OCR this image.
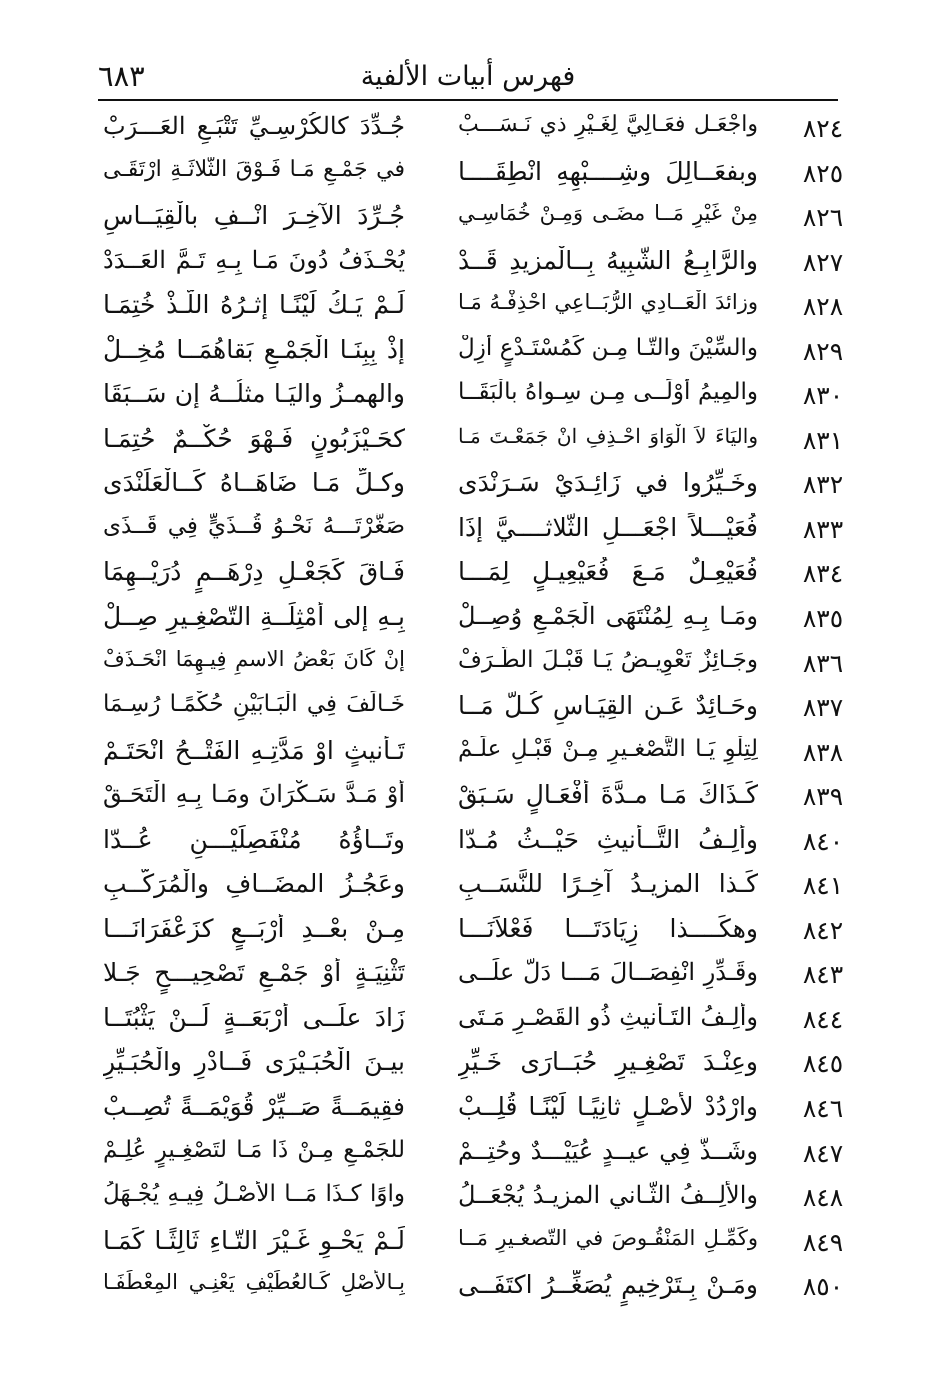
فهرس أبيات الألفية
٦٨٣
٨٢٤
واجْعَـل فعَـالِيَّ لِغَـيْرِ ذي نَـسَـــبْ
جُـدِّدَ كالكُرْسِـيِّ تَتْبَـعِ العَـــرَبْ
٨٢٥
وبفعَــالِلَ وشِــــبْهِهِ انْطِقَــــا
في جَمْـعِ مَـا فَـوْقَ الثّلاثَـةِ ارْتَقَـى
٨٢٦
مِنْ غَيْرِ مَــا مضَـى وَمِـنْ خُمَاسِـي
جُـرِّدَ الآخِـرَ انْــفِ بالْقِيَــاسِ
٨٢٧
والرَّابِـعُ الشّبِيهُ بِــالْمزيدِ قَــدْ
يُحْـذَفُ دُونَ مَـا بِـهِ تَـمَّ العَــدَدْ
٨٢٨
وزائدَ الْعَــادِي الرُّبَــاعِي احْذِفْـهُ مَـا
لَـمْ يَـكُ لَيْنًـا إثـرُهُ اللَّـذْ خُتِمَـا
٨٢٩
والسِّيْنَ والتّـا مِـن كَمُسْتَـدْعٍ أَزِلْ
إذْ بِبِنَـا الْجَمْـعِ بَقاهُمَــا مُخِــلْ
٨٣٠
والمِيمُ أَوْلَــى مِـن سِـواهُ بالْبَقَــا
والهمـزُ واليَـا مثلُــهُ إن سَــبَقَا
٨٣١
واليَاءَ لاَ الْوَاوَ احْـذِفِ انْ جَمَعْـتَ مَـا
كحَـيْزَبُونٍ فَـهْوَ حُكْــمٌ حُتِمَـا
٨٣٢
وخَـيِّرُوا في زَائِـدَيْ سَـرَنْدَى
وكـلِّ مَـا ضَاهَــاهُ كَــالْعَلَنْدَى
٨٣٣
فُعَيْـــلاً اجْعَـــلِ الثُّلاثــــيَّ إذَا
صَغَّرْتَـــهُ نَحْـوُ قُــذَيٍّ فِي قَــذَى
٨٣٤
فُعَيْعِـلٌ مَـعَ فُعَيْعِيـلٍ لِمَـــا
فَـاقَ كَجَعْـلِ دِرْهَــمٍ دُرَيْــهِمَا
٨٣٥
ومَـا بِـهِ لِمُنْتَهَى الْجَمْـعِ وُصِــلْ
بِـهِ إلى أمْثِلَــةِ التّصْغِـيرِ صِــلْ
٨٣٦
وجَـائِزٌ تَعْوِيـضُ يَـا قَبْـلَ الطّـرَفْ
إنْ كَانَ بَعْضُ الاسمِ فِيـهِمَا انْحَـذَفْ
٨٣٧
وحَـائِدٌ عَـن القِيَـاسِ كُـلُّ مَــا
خَـالَفَ فِي الْبَـابَيْنِ حُكْمًـا رُسِـمَا
٨٣٨
لِتِلْوِ يَـا التَّصْغـيرِ مِـنْ قَبْـلِ علَـمْ
تَـأنيثٍ اوْ مَدَّتِـهِ الفَتْــحُ انْحَتَـمْ
٨٣٩
كَـذَاكَ مَـا مـدَّةَ أَفْعَـالٍ سَـبَقْ
أوْ مَـدَّ سَـكْرَانَ ومَـا بِـهِ الْتَحَـقْ
٨٤٠
وأَلِـفُ التَّــأنيثِ حَيْــثُ مُـدّا
وتَــاؤُهُ مُنْفَصِلَيْـــنِ عُــدّا
٨٤١
كَـذا المزيـدُ آخِـرًا للنَّسَــبِ
وعَجُـزُ المضَــافِ والْمُرَكَّــبِ
٨٤٢
وهكَــــذا زِيَادَتَـــا فَعْلاَنَـــا
مِـنْ بعْــدِ أَرْبَــعٍ كزَعْفَرَانَـــا
٨٤٣
وقَـدِّرِ انْفِصَــالَ مَـــا دَلَّ علَــى
تَثْنِيَـةٍ أوْ جَمْـعِ تَصْحِيـــحٍ جَـلا
٨٤٤
وأَلِـفُ التَـأنيثِ ذُو القَصْـرِ مَـتَى
زَادَ علَــى أرْبَعَــةٍ لَــنْ يَثْبُتَــا
٨٤٥
وعِنْـدَ تَصْغِـيرِ حُبَــارَى خَـيِّرِ
بيـنَ الْحُبَـيْرَى فَــادْرِ والْحُبَـيِّرِ
٨٤٦
وارْدُدْ لأَصْـلٍ ثانِيًـا لَيْنًـا قُلِــبْ
فقِيمَــةً صَــيِّرْ قُوَيْمَــةً تُصِــبْ
٨٤٧
وشَــذَّ فِي عيــدٍ عُيَيْـــدٌ وحُتِــمْ
للجَمْـعِ مِـنْ ذَا مَـا لتَصْغِـيرٍ عُلِـمْ
٨٤٨
والأَلِــفُ الثّـاني المزيـدُ يُجْعَــلُ
واوًا كـذَا مَــا الأَصْـلُ فِيـهِ يُجْـهَلُ
٨٤٩
وكَمِّـلِ المَنْقُـوصَ في التّصغـيرِ مَــا
لَـمْ يَحْـوِ غَـيْرَ التّـاءِ ثَالِثًـا كَمَـا
٨٥٠
ومَـنْ بِـتَرْخِيمٍ يُصَغِّــرُ اكتَفَــى
بِـالأَصْلِ كَـالعُطَيْفِ يَعْنِـي المِعْطَفَـا
